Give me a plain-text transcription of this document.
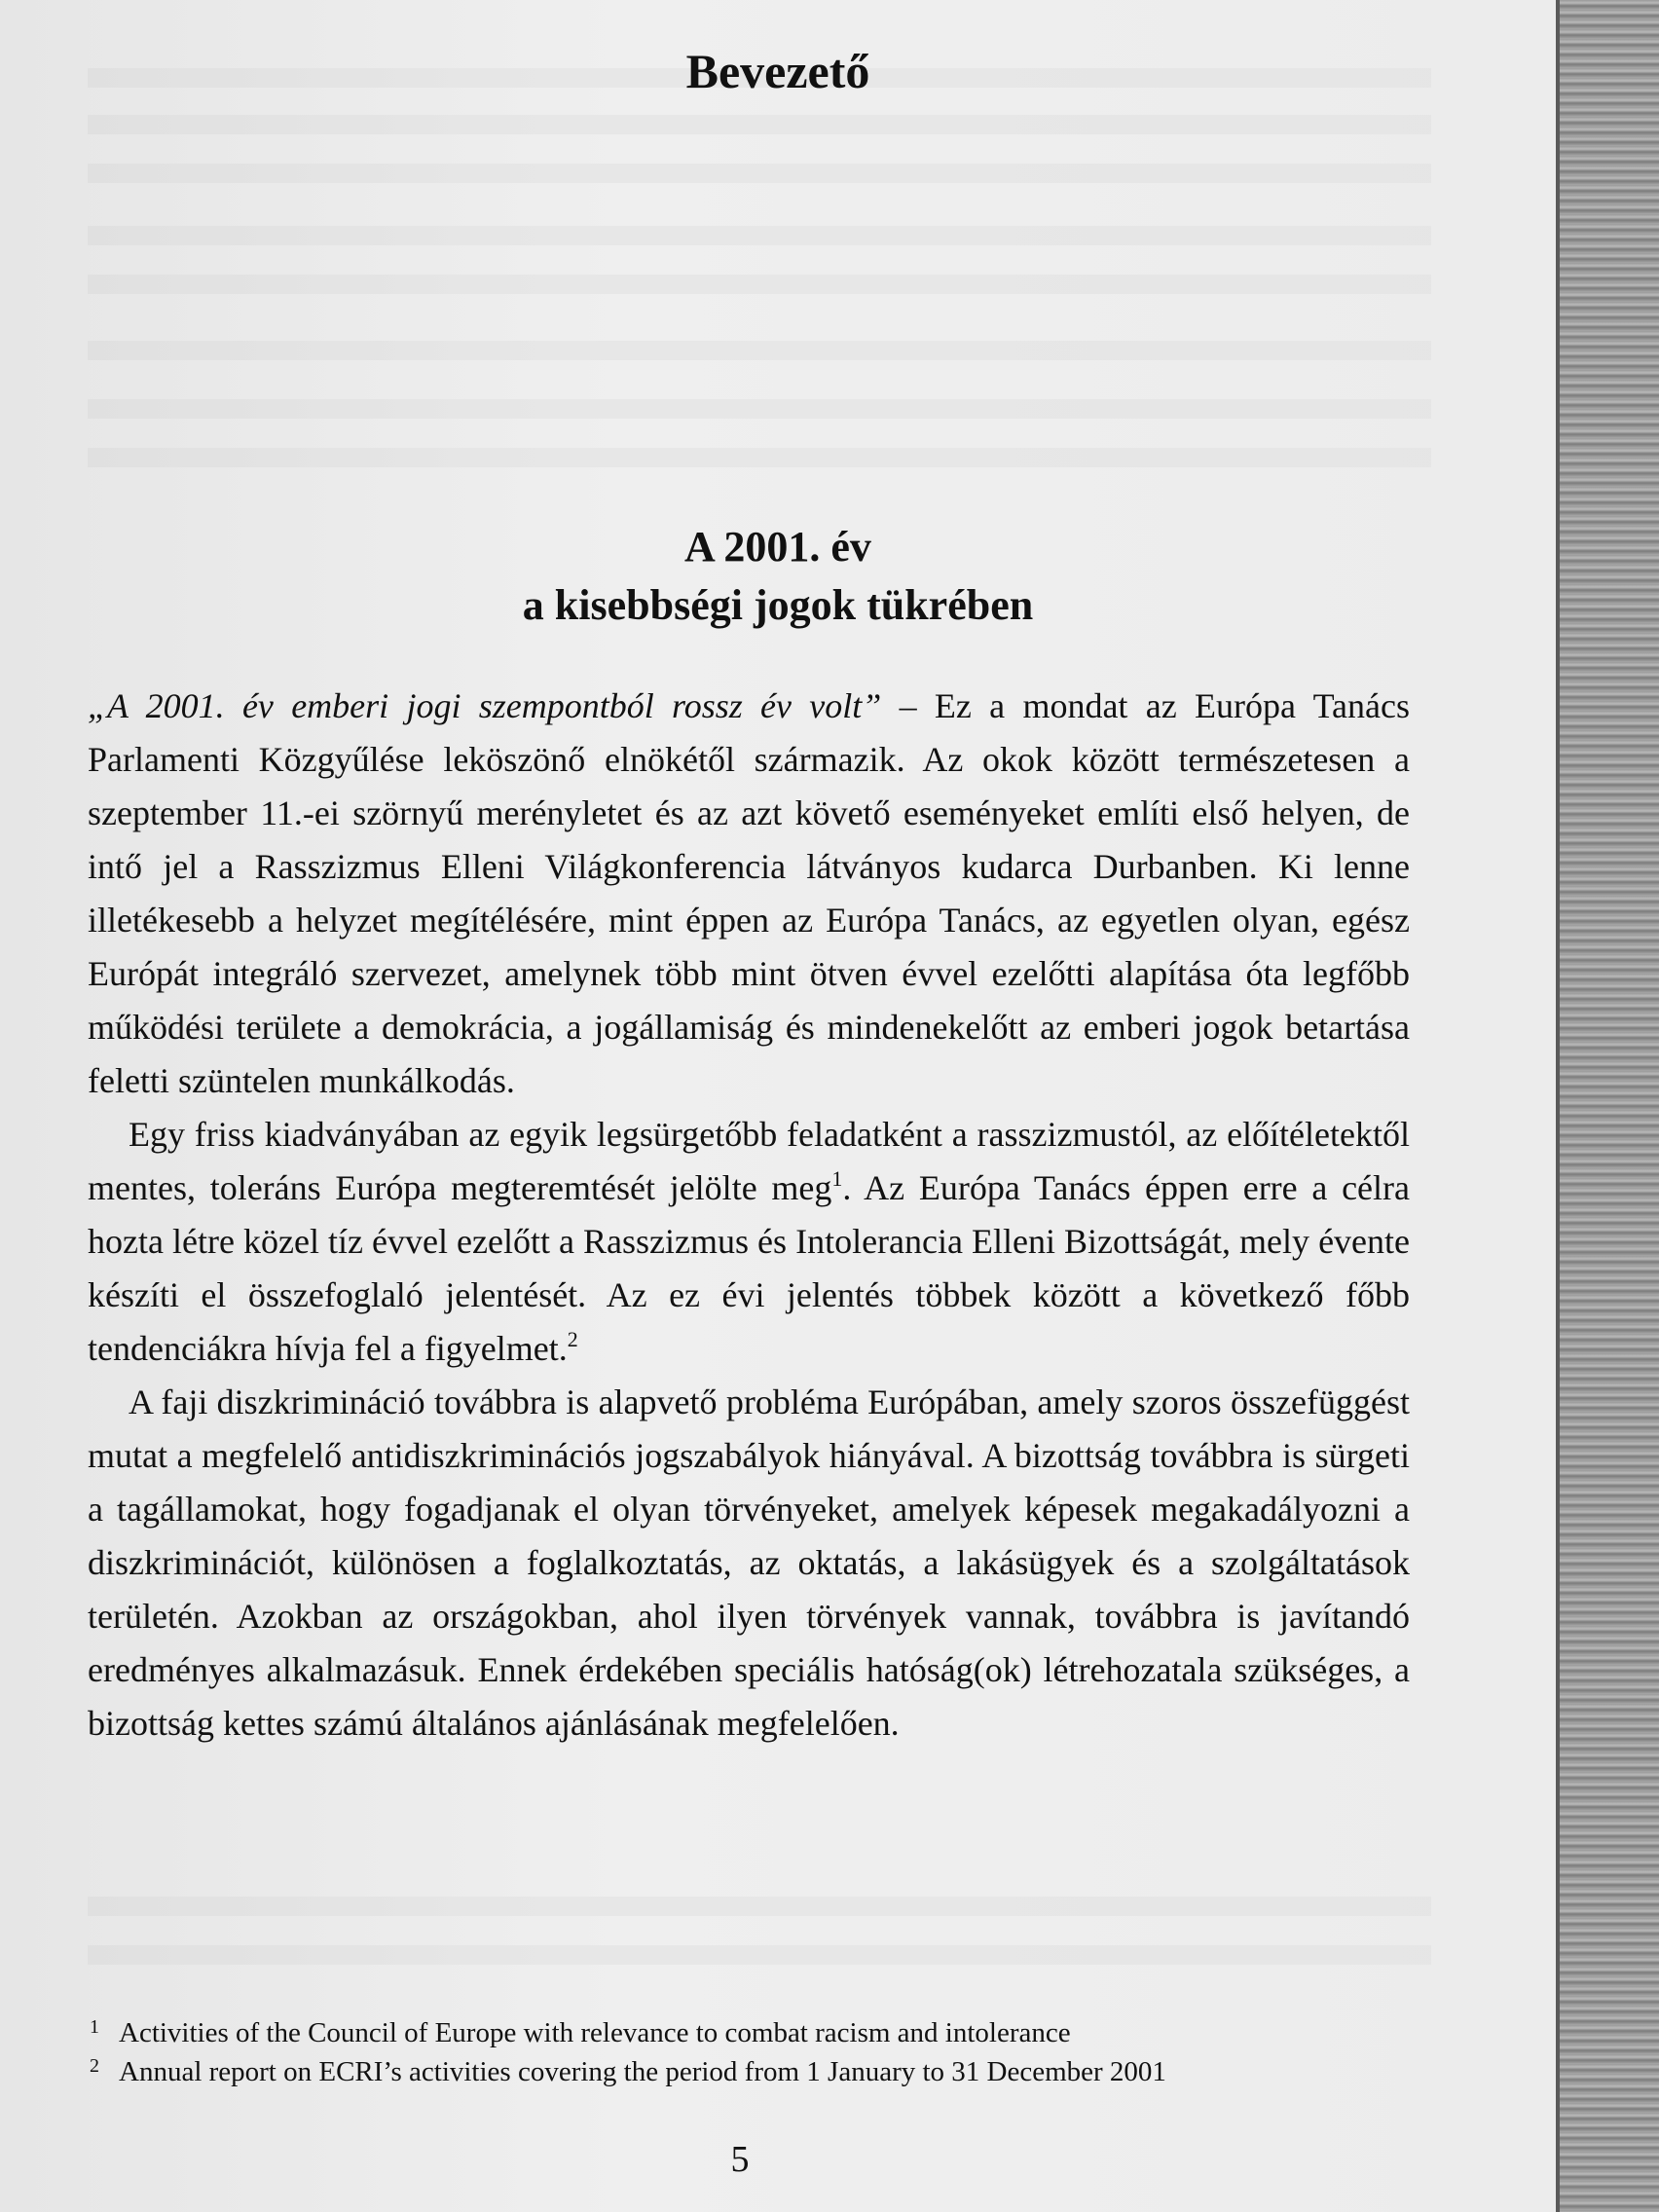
Bevezető
A 2001. év
a kisebbségi jogok tükrében

„A 2001. év emberi jogi szempontból rossz év volt” – Ez a mondat az Európa Tanács Parlamenti Közgyűlése leköszönő elnökétől származik. Az okok között természetesen a szeptember 11.-ei szörnyű merényletet és az azt követő eseményeket említi első helyen, de intő jel a Rasszizmus Elleni Világkonferencia látványos kudarca Durbanben. Ki lenne illetékesebb a helyzet megítélésére, mint éppen az Európa Tanács, az egyetlen olyan, egész Európát integráló szervezet, amelynek több mint ötven évvel ezelőtti alapítása óta legfőbb működési területe a demokrácia, a jogállamiság és mindenekelőtt az emberi jogok betartása feletti szüntelen munkálkodás.

Egy friss kiadványában az egyik legsürgetőbb feladatként a rasszizmustól, az előítéletektől mentes, toleráns Európa megteremtését jelölte meg$^1$. Az Európa Tanács éppen erre a célra hozta létre közel tíz évvel ezelőtt a Rasszizmus és Intolerancia Elleni Bizottságát, mely évente készíti el összefoglaló jelentését. Az ez évi jelentés többek között a következő főbb tendenciákra hívja fel a figyelmet.$^2$

A faji diszkrimináció továbbra is alapvető probléma Európában, amely szoros összefüggést mutat a megfelelő antidiszkriminációs jogszabályok hiányával. A bizottság továbbra is sürgeti a tagállamokat, hogy fogadjanak el olyan törvényeket, amelyek képesek megakadályozni a diszkriminációt, különösen a foglalkoztatás, az oktatás, a lakásügyek és a szolgáltatások területén. Azokban az országokban, ahol ilyen törvények vannak, továbbra is javítandó eredményes alkalmazásuk. Ennek érdekében speciális hatóság(ok) létrehozatala szükséges, a bizottság kettes számú általános ajánlásának megfelelően.

1 Activities of the Council of Europe with relevance to combat racism and intolerance
2 Annual report on ECRI’s activities covering the period from 1 January to 31 December 2001
5
